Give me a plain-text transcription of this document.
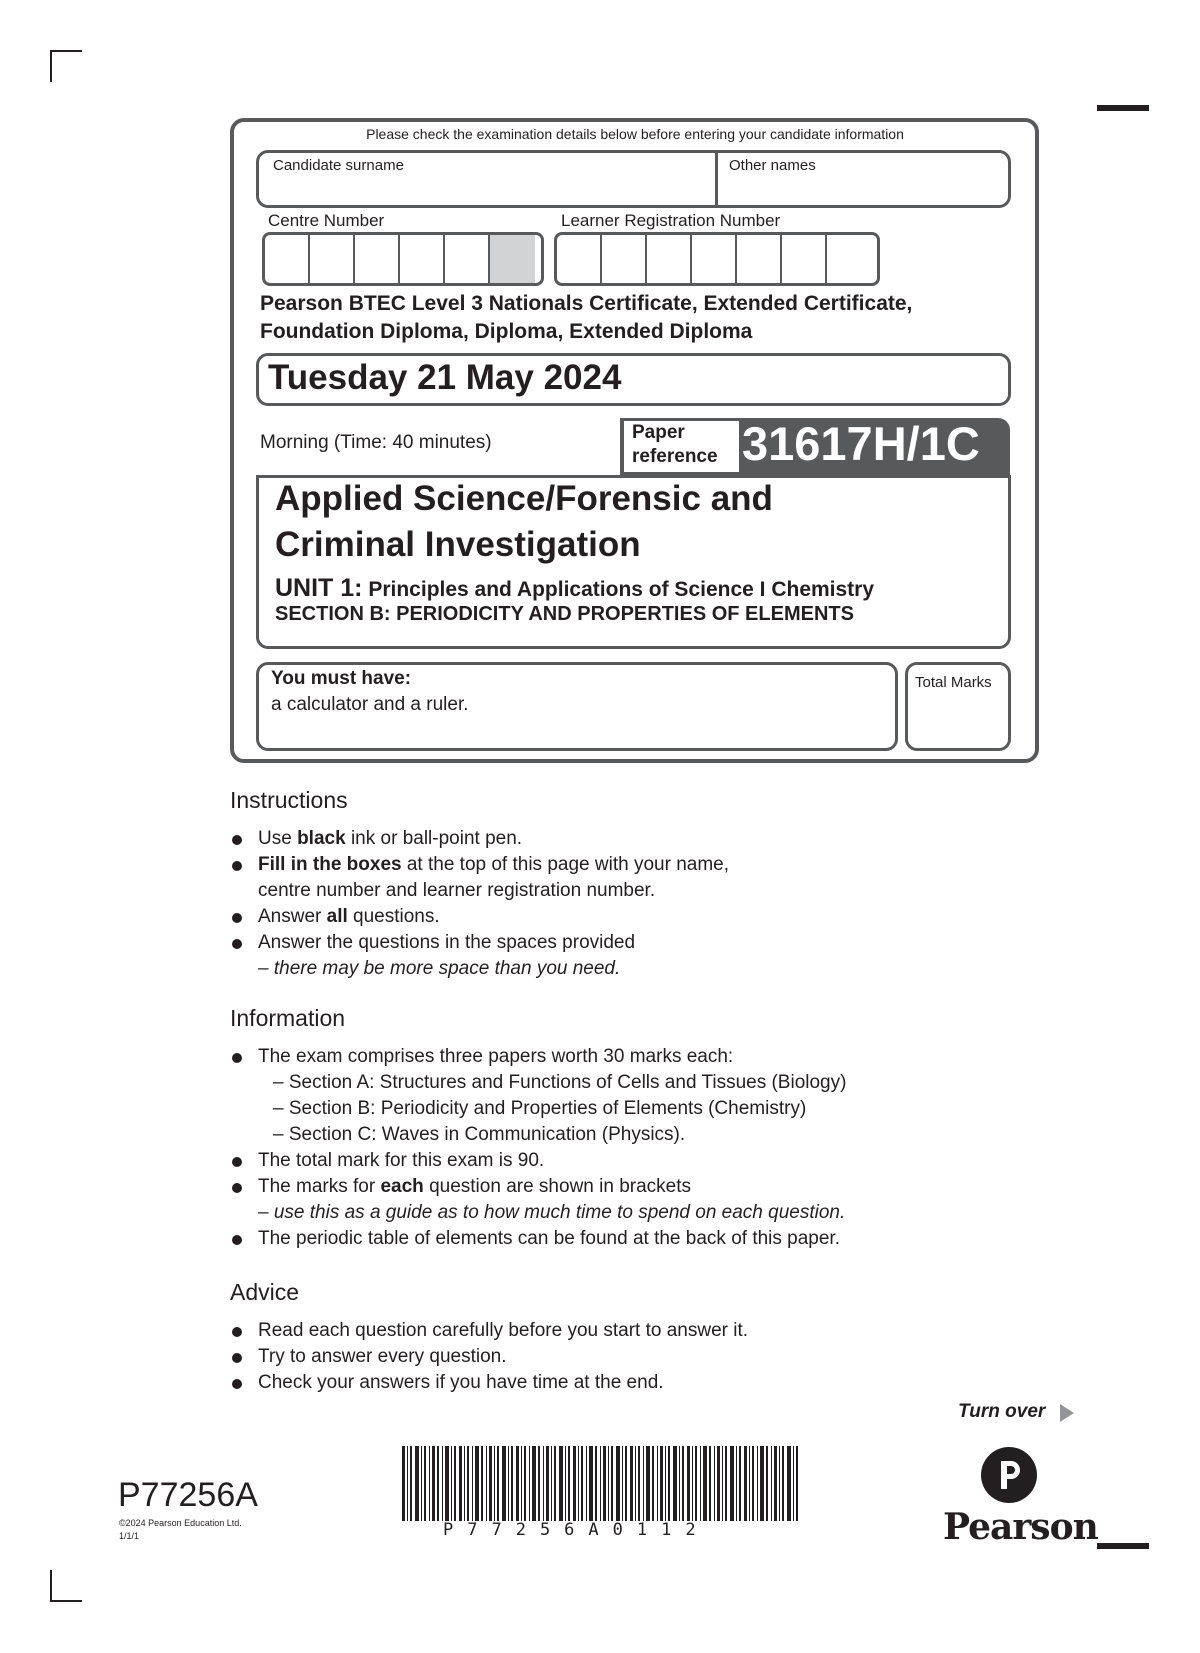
Please check the examination details below before entering your candidate information
Candidate surname	Other names
Centre Number	Learner Registration Number
Pearson BTEC Level 3 Nationals Certificate, Extended Certificate,
Foundation Diploma, Diploma, Extended Diploma
Tuesday 21 May 2024
Morning (Time: 40 minutes)	Paper
reference 31617H/1C
Applied Science/Forensic and
Criminal Investigation
UNIT 1: Principles and Applications of Science I Chemistry
SECTION B: PERIODICITY AND PROPERTIES OF ELEMENTS
You must have:
a calculator and a ruler.
Total Marks
Instructions
Use black ink or ball-point pen.
Fill in the boxes at the top of this page with your name,
centre number and learner registration number.
Answer all questions.
Answer the questions in the spaces provided
– there may be more space than you need.
Information
The exam comprises three papers worth 30 marks each:
– Section A: Structures and Functions of Cells and Tissues (Biology)
– Section B: Periodicity and Properties of Elements (Chemistry)
– Section C: Waves in Communication (Physics).
The total mark for this exam is 90.
The marks for each question are shown in brackets
– use this as a guide as to how much time to spend on each question.
The periodic table of elements can be found at the back of this paper.
Advice
Read each question carefully before you start to answer it.
Try to answer every question.
Check your answers if you have time at the end.
Turn over
P77256A
©2024 Pearson Education Ltd.
1/1/1	P77256A0112	Pearson
